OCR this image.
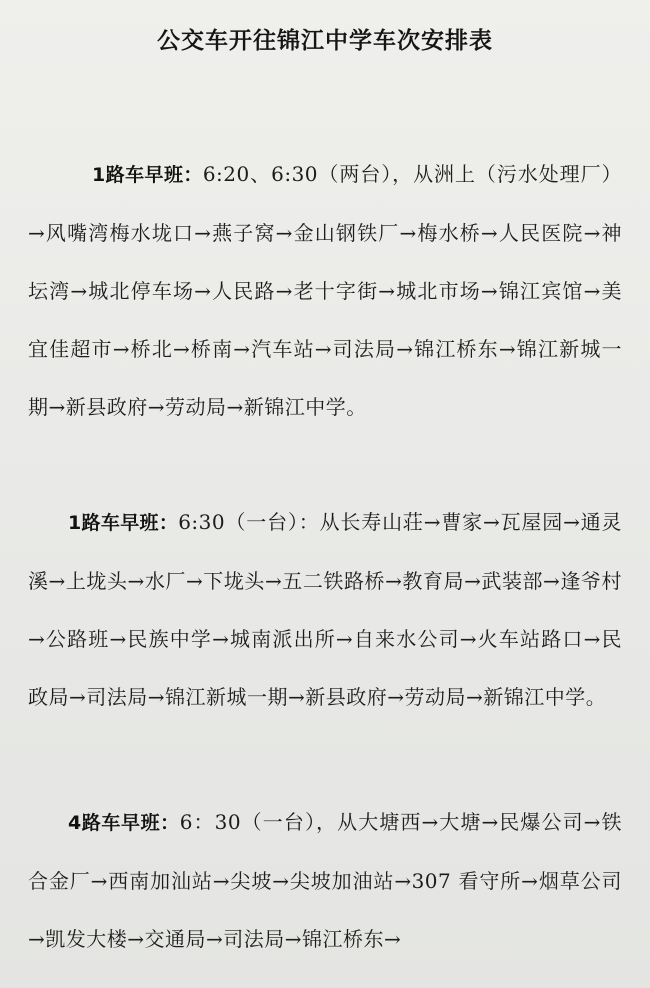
公交车开往锦江中学车次安排表
1路车早班：6:20、6:30（两台），从洲上（污水处理厂）→风嘴湾梅水垅口→燕子窝→金山钢铁厂→梅水桥→人民医院→神坛湾→城北停车场→人民路→老十字街→城北市场→锦江宾馆→美宜佳超市→桥北→桥南→汽车站→司法局→锦江桥东→锦江新城一期→新县政府→劳动局→新锦江中学。
1路车早班：6:30（一台）：从长寿山荘→曹家→瓦屋园→通灵溪→上垅头→水厂→下垅头→五二铁路桥→教育局→武装部→逢爷村→公路班→民族中学→城南派出所→自来水公司→火车站路口→民政局→司法局→锦江新城一期→新县政府→劳动局→新锦江中学。
4路车早班：6：30（一台），从大塘西→大塘→民爆公司→铁合金厂→西南加汕站→尖坡→尖坡加油站→307 看守所→烟草公司→凯发大楼→交通局→司法局→锦江桥东→
